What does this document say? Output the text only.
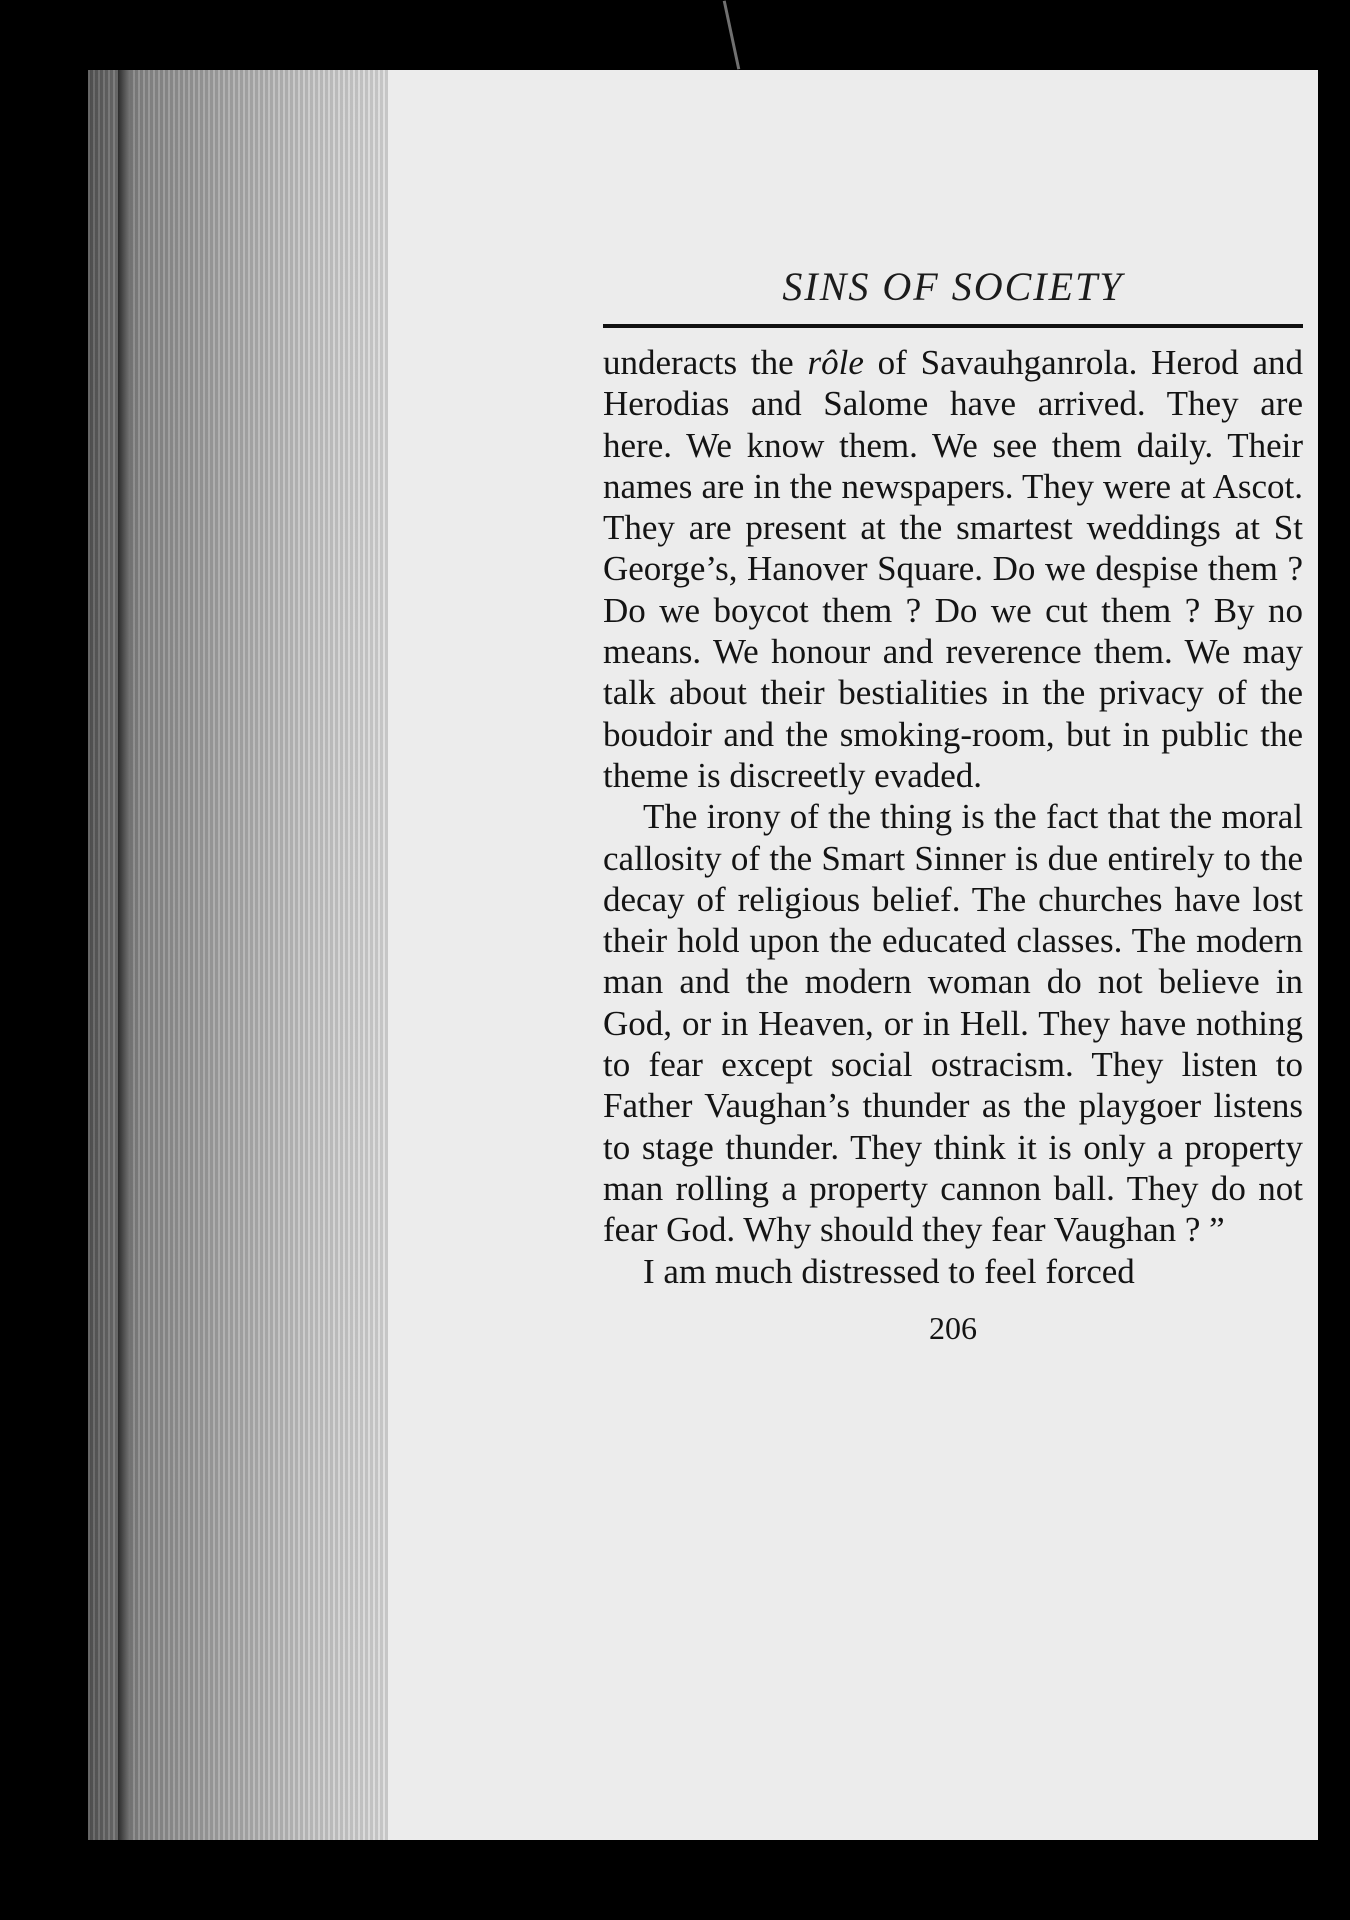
SINS OF SOCIETY

underacts the rôle of Savauhganrola. Herod and Herodias and Salome have arrived. They are here. We know them. We see them daily. Their names are in the newspapers. They were at Ascot. They are present at the smartest weddings at St George’s, Hanover Square. Do we despise them ? Do we boycot them ? Do we cut them ? By no means. We honour and reverence them. We may talk about their bestialities in the privacy of the boudoir and the smoking-room, but in public the theme is discreetly evaded.

The irony of the thing is the fact that the moral callosity of the Smart Sinner is due entirely to the decay of religious belief. The churches have lost their hold upon the educated classes. The modern man and the modern woman do not believe in God, or in Heaven, or in Hell. They have nothing to fear except social ostracism. They listen to Father Vaughan’s thunder as the playgoer listens to stage thunder. They think it is only a property man rolling a property cannon ball. They do not fear God. Why should they fear Vaughan ? ”

I am much distressed to feel forced

206
